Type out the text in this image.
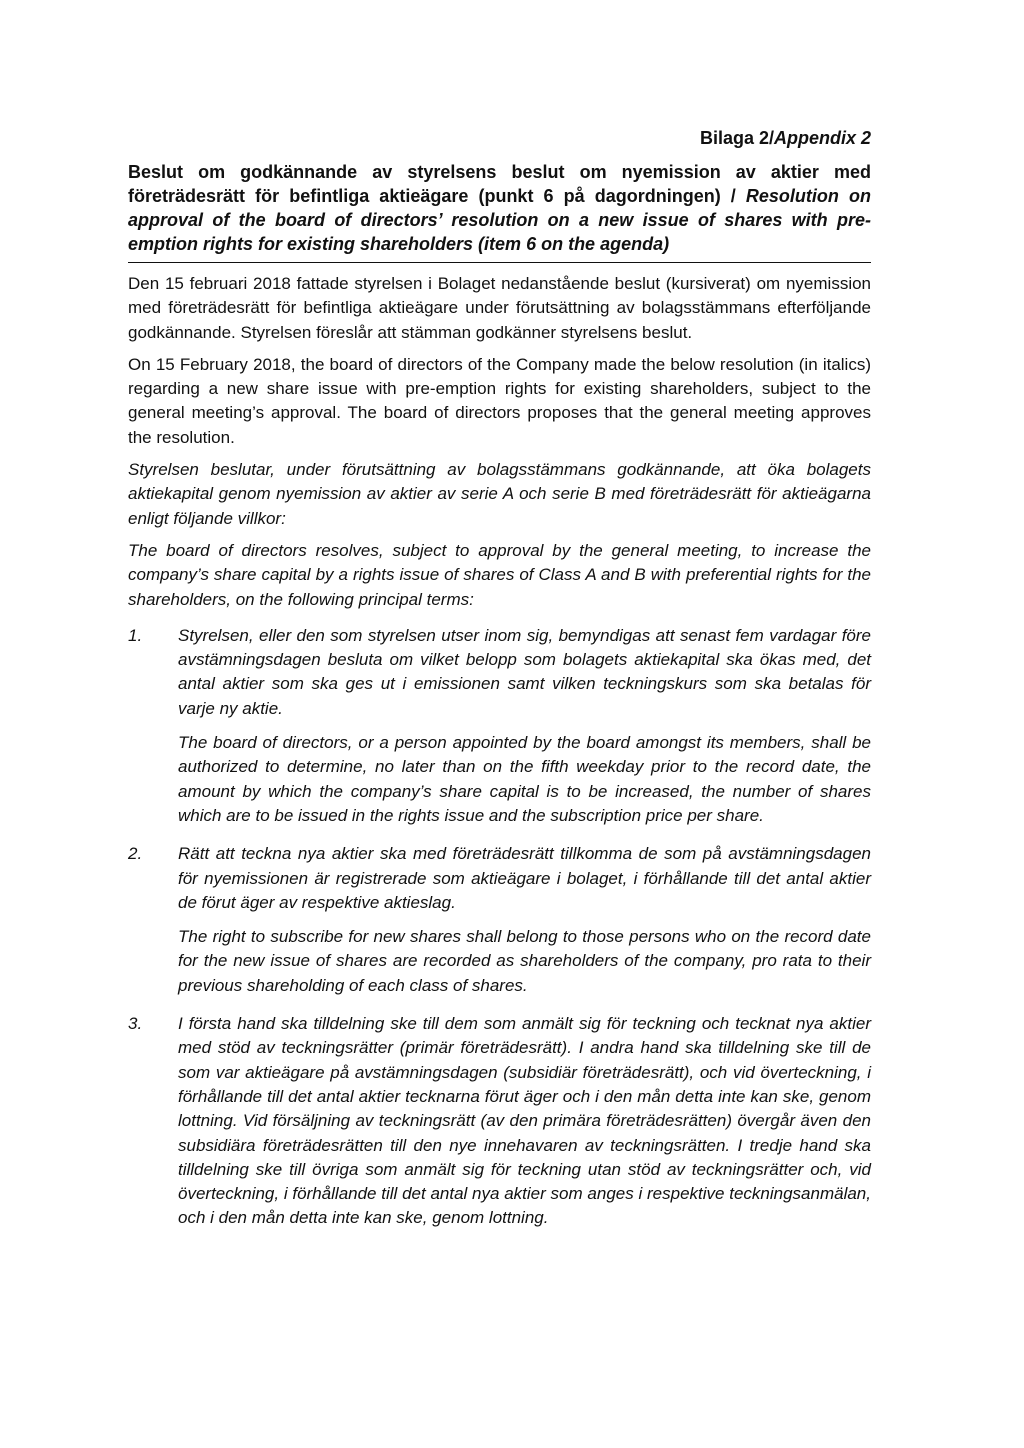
Bilaga 2/Appendix 2
Beslut om godkännande av styrelsens beslut om nyemission av aktier med företrädesrätt för befintliga aktieägare (punkt 6 på dagordningen) / Resolution on approval of the board of directors’ resolution on a new issue of shares with pre-emption rights for existing shareholders (item 6 on the agenda)

Den 15 februari 2018 fattade styrelsen i Bolaget nedanstående beslut (kursiverat) om nyemission med företrädesrätt för befintliga aktieägare under förutsättning av bolagsstämmans efterföljande godkännande. Styrelsen föreslår att stämman godkänner styrelsens beslut.

On 15 February 2018, the board of directors of the Company made the below resolution (in italics) regarding a new share issue with pre-emption rights for existing shareholders, subject to the general meeting’s approval. The board of directors proposes that the general meeting approves the resolution.

Styrelsen beslutar, under förutsättning av bolagsstämmans godkännande, att öka bolagets aktiekapital genom nyemission av aktier av serie A och serie B med företrädesrätt för aktieägarna enligt följande villkor:

The board of directors resolves, subject to approval by the general meeting, to increase the company’s share capital by a rights issue of shares of Class A and B with preferential rights for the shareholders, on the following principal terms:

1.	Styrelsen, eller den som styrelsen utser inom sig, bemyndigas att senast fem vardagar före avstämningsdagen besluta om vilket belopp som bolagets aktiekapital ska ökas med, det antal aktier som ska ges ut i emissionen samt vilken teckningskurs som ska betalas för varje ny aktie.

The board of directors, or a person appointed by the board amongst its members, shall be authorized to determine, no later than on the fifth weekday prior to the record date, the amount by which the company’s share capital is to be increased, the number of shares which are to be issued in the rights issue and the subscription price per share.

2.	Rätt att teckna nya aktier ska med företrädesrätt tillkomma de som på avstämningsdagen för nyemissionen är registrerade som aktieägare i bolaget, i förhållande till det antal aktier de förut äger av respektive aktieslag.

The right to subscribe for new shares shall belong to those persons who on the record date for the new issue of shares are recorded as shareholders of the company, pro rata to their previous shareholding of each class of shares.

3.	I första hand ska tilldelning ske till dem som anmält sig för teckning och tecknat nya aktier med stöd av teckningsrätter (primär företrädesrätt). I andra hand ska tilldelning ske till de som var aktieägare på avstämningsdagen (subsidiär företrädesrätt), och vid överteckning, i förhållande till det antal aktier tecknarna förut äger och i den mån detta inte kan ske, genom lottning. Vid försäljning av teckningsrätt (av den primära företrädesrätten) övergår även den subsidiära företrädesrätten till den nye innehavaren av teckningsrätten. I tredje hand ska tilldelning ske till övriga som anmält sig för teckning utan stöd av teckningsrätter och, vid överteckning, i förhållande till det antal nya aktier som anges i respektive teckningsanmälan, och i den mån detta inte kan ske, genom lottning.
